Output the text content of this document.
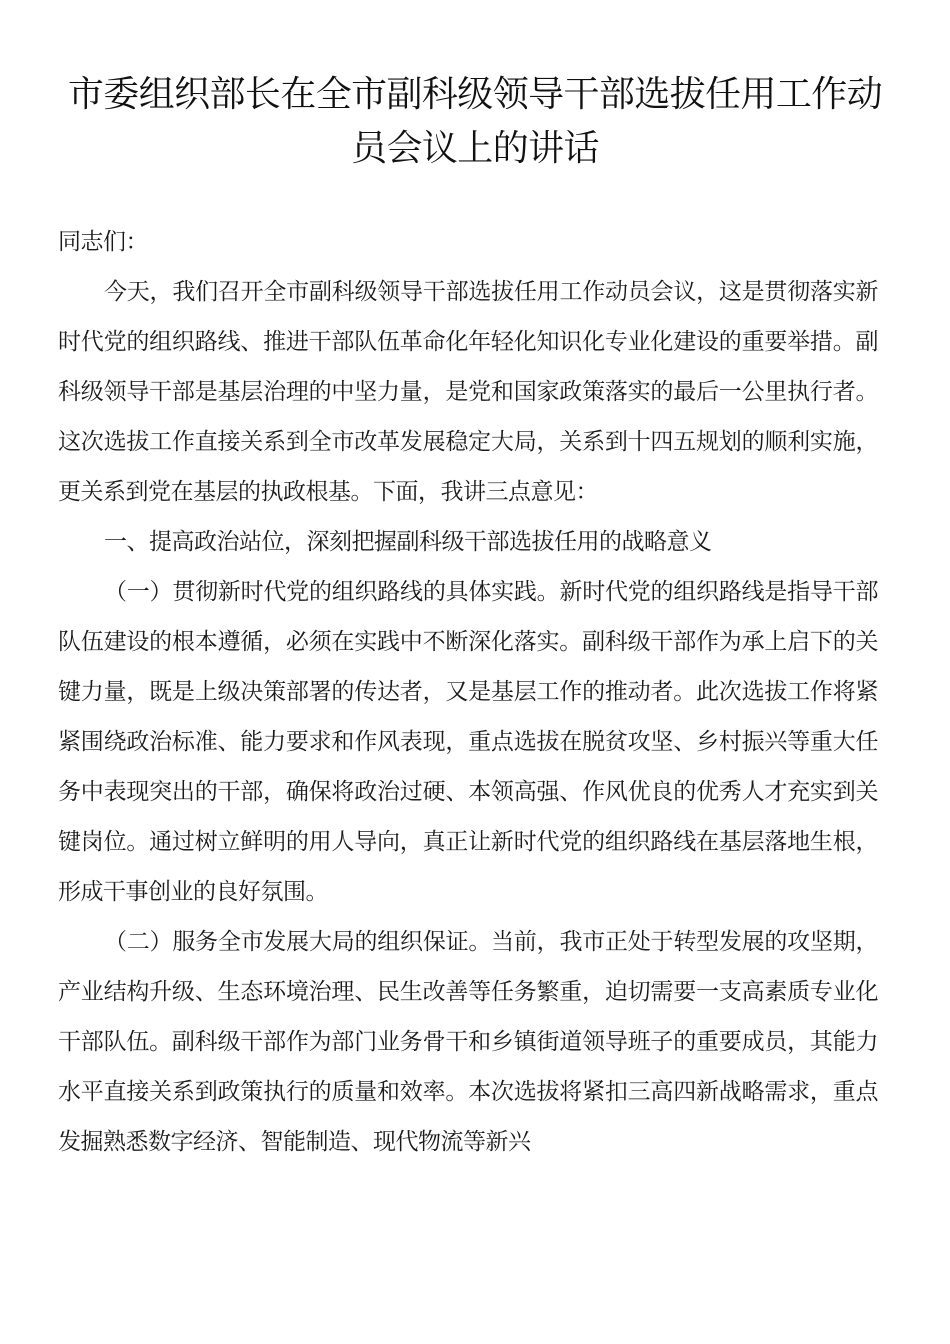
市委组织部长在全市副科级领导干部选拔任用工作动员会议上的讲话

同志们：

今天，我们召开全市副科级领导干部选拔任用工作动员会议，这是贯彻落实新时代党的组织路线、推进干部队伍革命化年轻化知识化专业化建设的重要举措。副科级领导干部是基层治理的中坚力量，是党和国家政策落实的最后一公里执行者。这次选拔工作直接关系到全市改革发展稳定大局，关系到十四五规划的顺利实施，更关系到党在基层的执政根基。下面，我讲三点意见：

一、提高政治站位，深刻把握副科级干部选拔任用的战略意义

（一）贯彻新时代党的组织路线的具体实践。新时代党的组织路线是指导干部队伍建设的根本遵循，必须在实践中不断深化落实。副科级干部作为承上启下的关键力量，既是上级决策部署的传达者，又是基层工作的推动者。此次选拔工作将紧紧围绕政治标准、能力要求和作风表现，重点选拔在脱贫攻坚、乡村振兴等重大任务中表现突出的干部，确保将政治过硬、本领高强、作风优良的优秀人才充实到关键岗位。通过树立鲜明的用人导向，真正让新时代党的组织路线在基层落地生根，形成干事创业的良好氛围。

（二）服务全市发展大局的组织保证。当前，我市正处于转型发展的攻坚期，产业结构升级、生态环境治理、民生改善等任务繁重，迫切需要一支高素质专业化干部队伍。副科级干部作为部门业务骨干和乡镇街道领导班子的重要成员，其能力水平直接关系到政策执行的质量和效率。本次选拔将紧扣三高四新战略需求，重点发掘熟悉数字经济、智能制造、现代物流等新兴
